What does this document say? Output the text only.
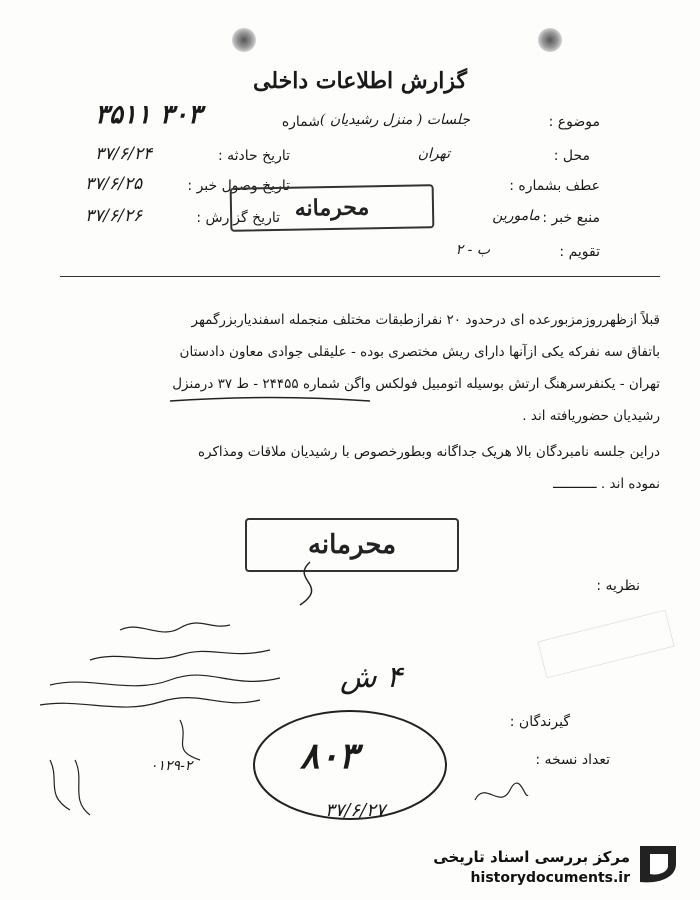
گزارش اطلاعات داخلی
موضوع :
جلسات ( منزل رشیدیان )
شماره
۳۵۱۱ ۳۰۳
محل :
تهران
تاریخ حادثه :
۳۷/۶/۲۴
عطف بشماره :
تاریخ وصول خبر :
۳۷/۶/۲۵
منبع خبر :
مامورین
تاریخ گزارش :
۳۷/۶/۲۶
تقویم :
ب - ۲
محرمانه
قبلاً ازظهرروزمزبورعده ای درحدود ۲۰ نفرازطبقات مختلف منجمله اسفندیاربزرگمهر
باتفاق سه نفرکه یکی ازآنها دارای ریش مختصری بوده - علیقلی جوادی معاون دادستان
تهران - یکنفرسرهنگ ارتش بوسیله اتومبیل فولکس واگن شماره ۲۴۴۵۵ - ط ۳۷ درمنزل
رشیدیان حضوریافته اند .
دراین جلسه نامبردگان بالا هریک جداگانه وبطورخصوص با رشیدیان ملاقات ومذاکره
نموده اند . ـــــــــــ
محرمانه
نظریه :
۰۱۲۹-۲
۴ ش
گیرندگان :
تعداد نسخه :
۸۰۳
۳۷/۶/۲۷
مرکز بررسی اسناد تاریخی
historydocuments.ir
